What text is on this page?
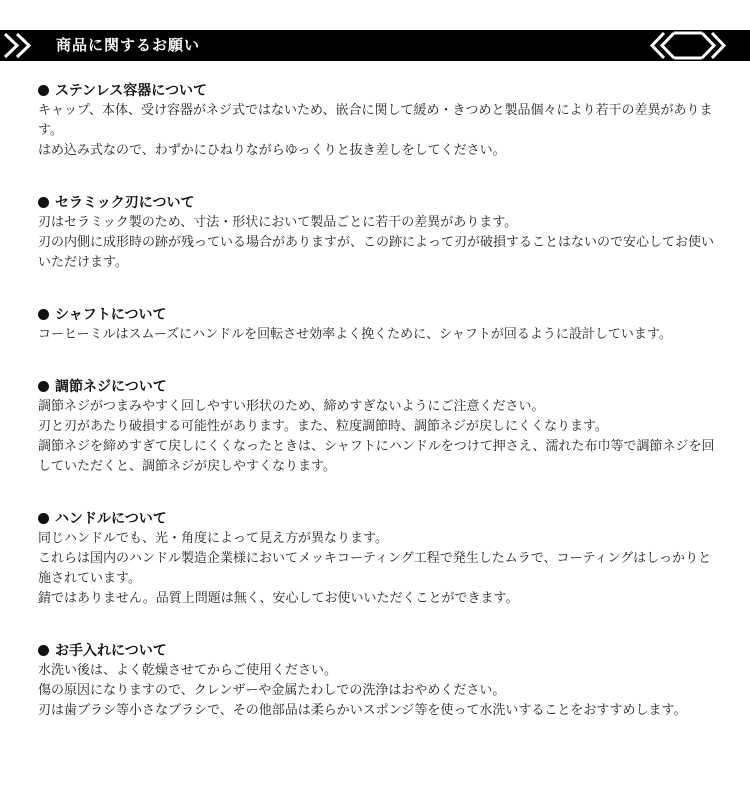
商品に関するお願い
ステンレス容器について

キャップ、本体、受け容器がネジ式ではないため、嵌合に関して緩め・きつめと製品個々により若干の差異があります。

はめ込み式なので、わずかにひねりながらゆっくりと抜き差しをしてください。

セラミック刃について

刃はセラミック製のため、寸法・形状において製品ごとに若干の差異があります。

刃の内側に成形時の跡が残っている場合がありますが、この跡によって刃が破損することはないので安心してお使いいただけます。

シャフトについて

コーヒーミルはスムーズにハンドルを回転させ効率よく挽くために、シャフトが回るように設計しています。

調節ネジについて

調節ネジがつまみやすく回しやすい形状のため、締めすぎないようにご注意ください。

刃と刃があたり破損する可能性があります。また、粒度調節時、調節ネジが戻しにくくなります。

調節ネジを締めすぎて戻しにくくなったときは、シャフトにハンドルをつけて押さえ、濡れた布巾等で調節ネジを回していただくと、調節ネジが戻しやすくなります。

ハンドルについて

同じハンドルでも、光・角度によって見え方が異なります。

これらは国内のハンドル製造企業様においてメッキコーティング工程で発生したムラで、コーティングはしっかりと施されています。

錆ではありません。品質上問題は無く、安心してお使いいただくことができます。

お手入れについて

水洗い後は、よく乾燥させてからご使用ください。

傷の原因になりますので、クレンザーや金属たわしでの洗浄はおやめください。

刃は歯ブラシ等小さなブラシで、その他部品は柔らかいスポンジ等を使って水洗いすることをおすすめします。
